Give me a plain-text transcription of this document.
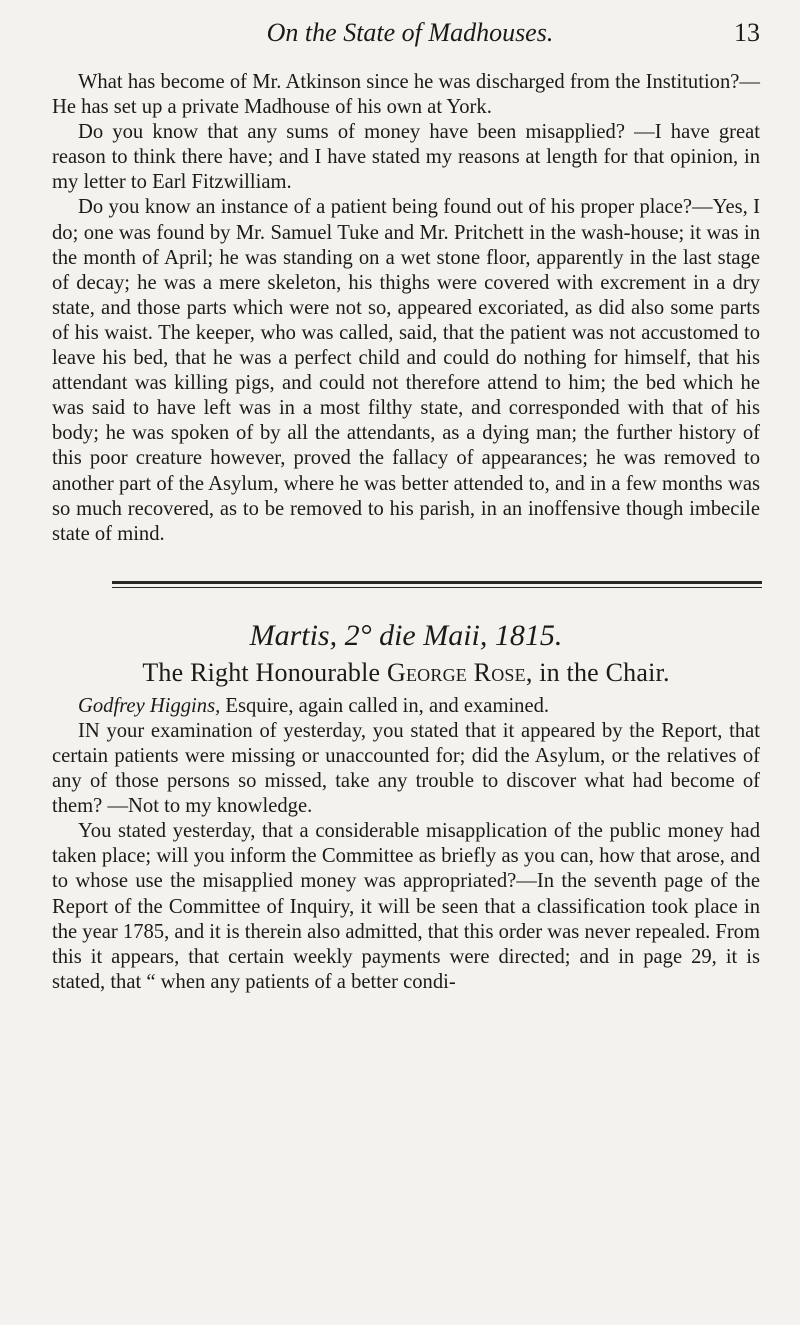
On the State of Madhouses.	13

What has become of Mr. Atkinson since he was discharged from the Institution?—He has set up a private Madhouse of his own at York.

Do you know that any sums of money have been misapplied? —I have great reason to think there have; and I have stated my reasons at length for that opinion, in my letter to Earl Fitzwilliam.

Do you know an instance of a patient being found out of his proper place?—Yes, I do; one was found by Mr. Samuel Tuke and Mr. Pritchett in the wash-house; it was in the month of April; he was standing on a wet stone floor, apparently in the last stage of decay; he was a mere skeleton, his thighs were covered with excrement in a dry state, and those parts which were not so, appeared excoriated, as did also some parts of his waist. The keeper, who was called, said, that the patient was not accustomed to leave his bed, that he was a perfect child and could do nothing for himself, that his attendant was killing pigs, and could not therefore attend to him; the bed which he was said to have left was in a most filthy state, and corresponded with that of his body; he was spoken of by all the attendants, as a dying man; the further history of this poor creature however, proved the fallacy of appearances; he was removed to another part of the Asylum, where he was better attended to, and in a few months was so much recovered, as to be removed to his parish, in an inoffensive though imbecile state of mind.

Martis, 2° die Maii, 1815.
The Right Honourable George Rose, in the Chair.

Godfrey Higgins, Esquire, again called in, and examined.

IN your examination of yesterday, you stated that it appeared by the Report, that certain patients were missing or unaccounted for; did the Asylum, or the relatives of any of those persons so missed, take any trouble to discover what had become of them? —Not to my knowledge.

You stated yesterday, that a considerable misapplication of the public money had taken place; will you inform the Committee as briefly as you can, how that arose, and to whose use the misapplied money was appropriated?—In the seventh page of the Report of the Committee of Inquiry, it will be seen that a classification took place in the year 1785, and it is therein also admitted, that this order was never repealed. From this it appears, that certain weekly payments were directed; and in page 29, it is stated, that “ when any patients of a better condi-
